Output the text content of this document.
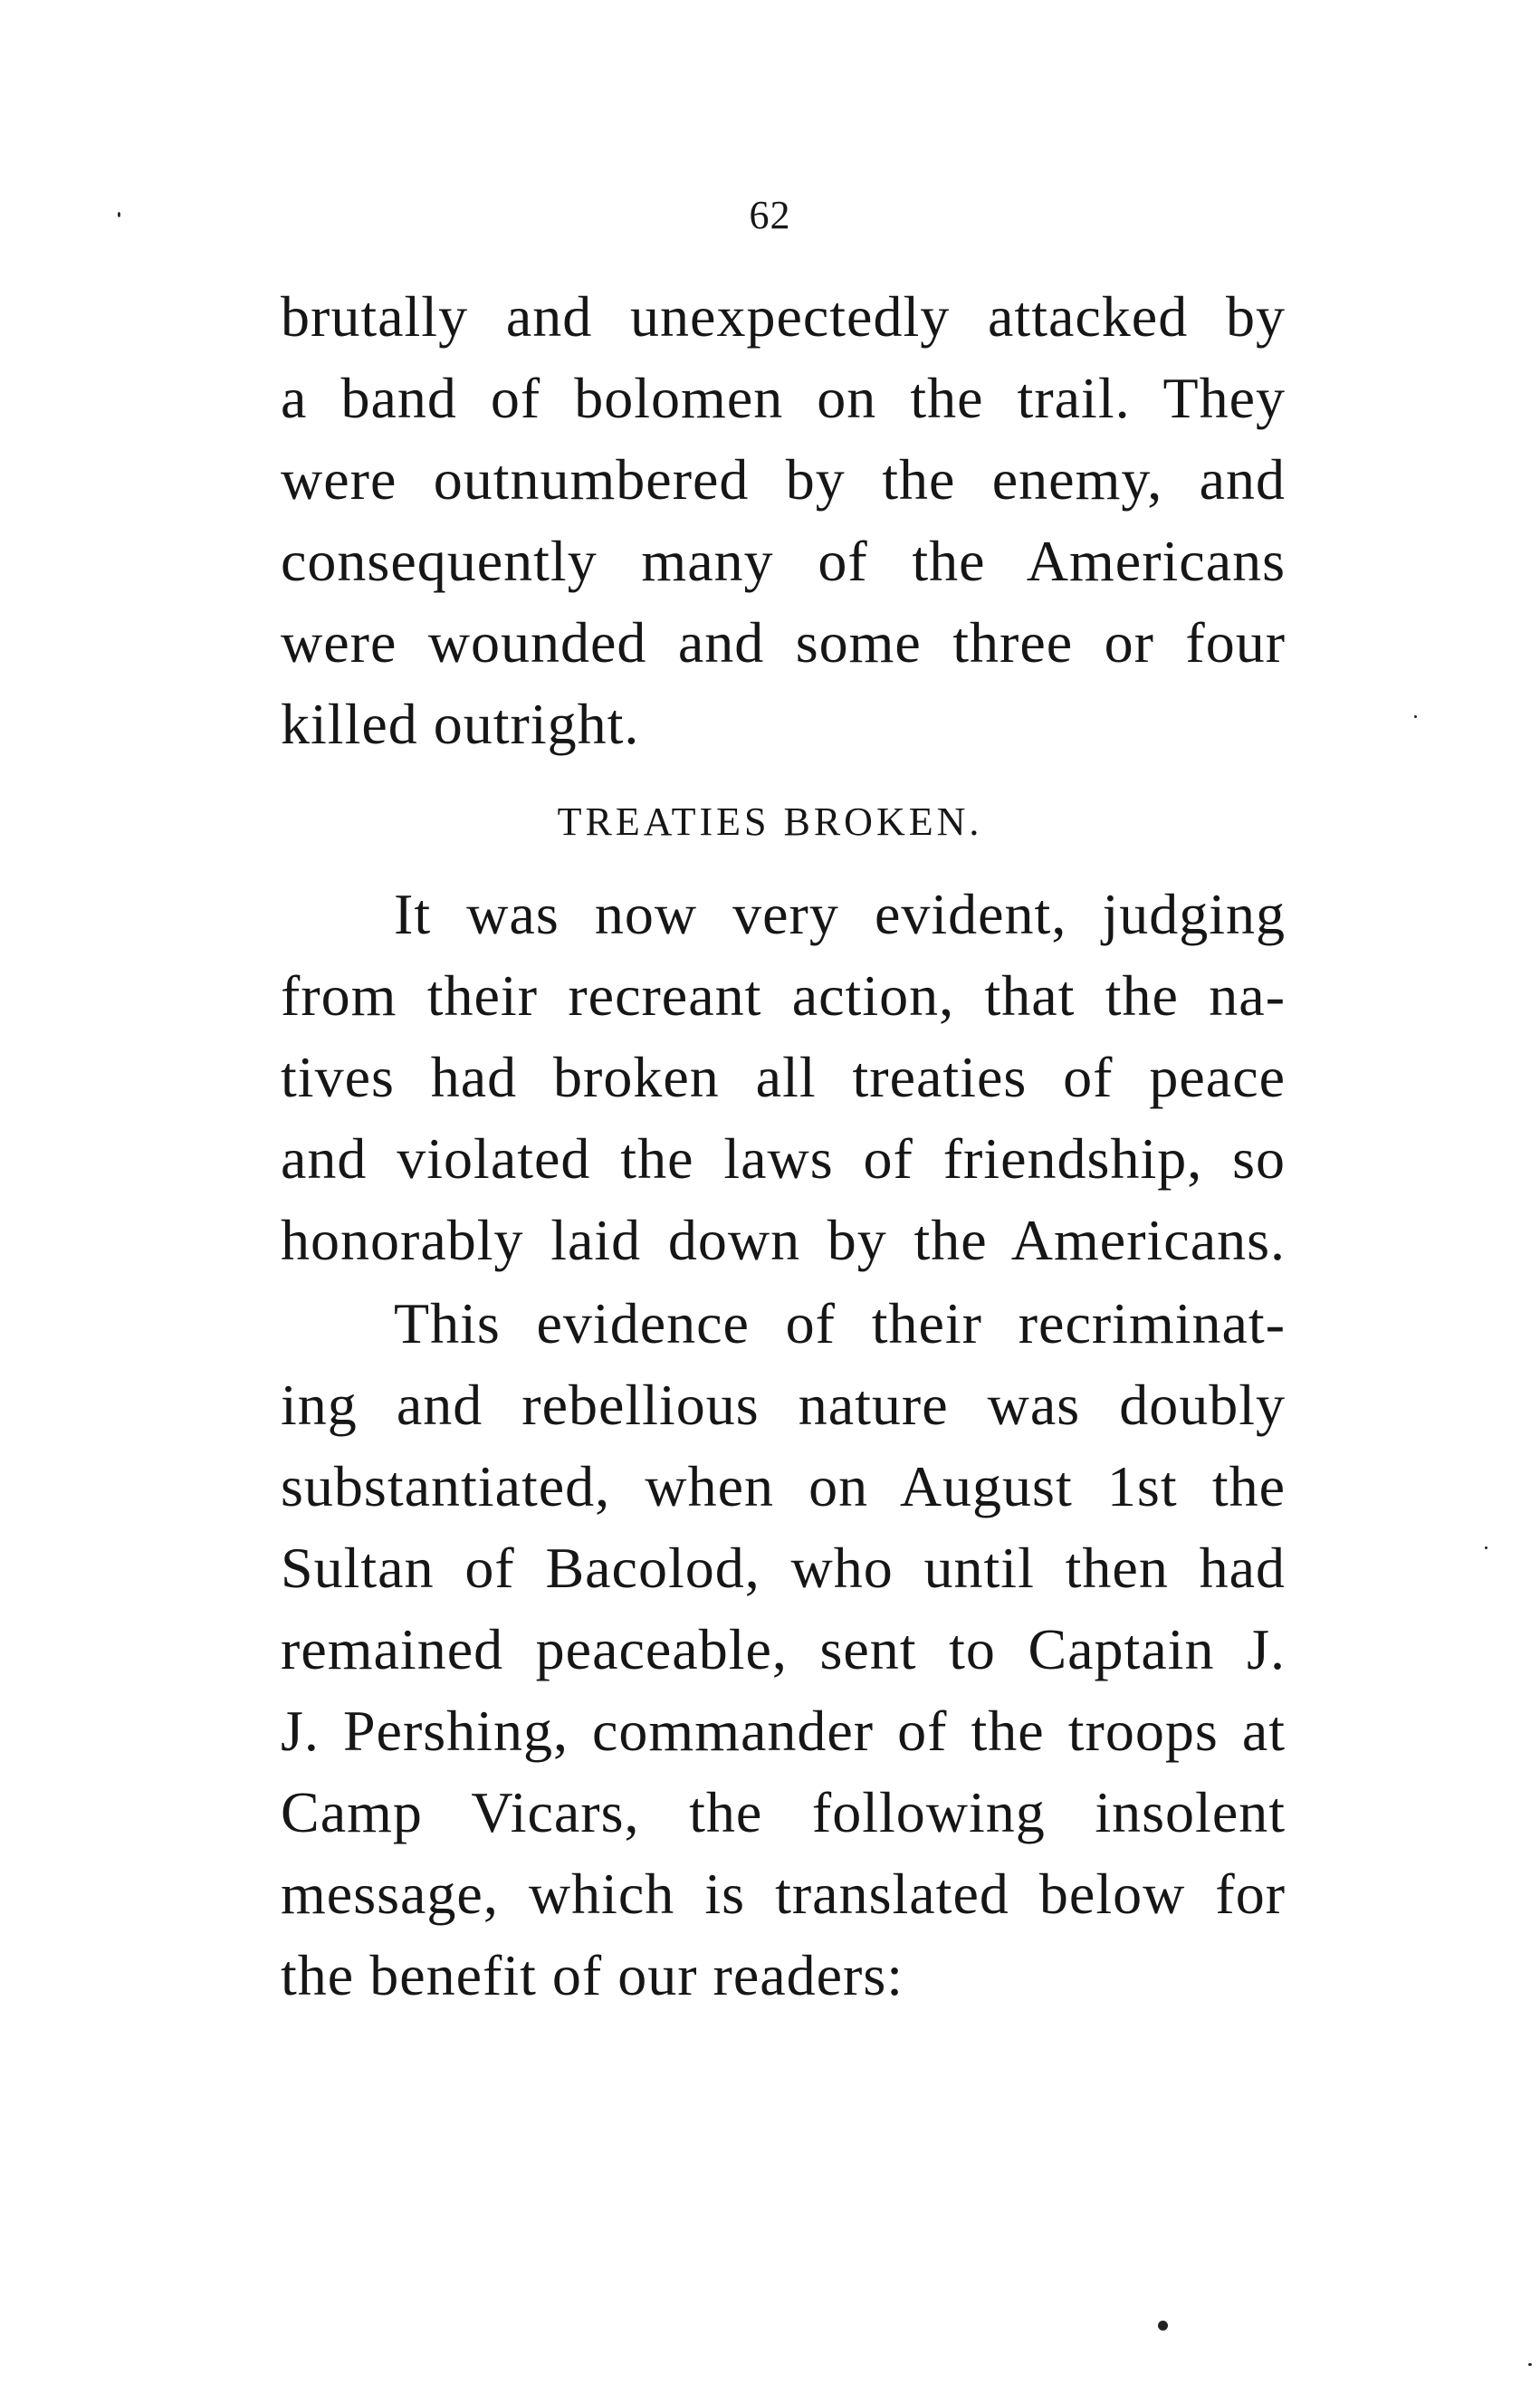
62
brutally and unexpectedly attacked by
a band of bolomen on the trail. They
were outnumbered by the enemy, and
consequently many of the Americans
were wounded and some three or four
killed outright.
TREATIES BROKEN.
It was now very evident, judging
from their recreant action, that the na-
tives had broken all treaties of peace
and violated the laws of friendship, so
honorably laid down by the Americans.
This evidence of their recriminat-
ing and rebellious nature was doubly
substantiated, when on August 1st the
Sultan of Bacolod, who until then had
remained peaceable, sent to Captain J.
J. Pershing, commander of the troops at
Camp Vicars, the following insolent
message, which is translated below for
the benefit of our readers:
